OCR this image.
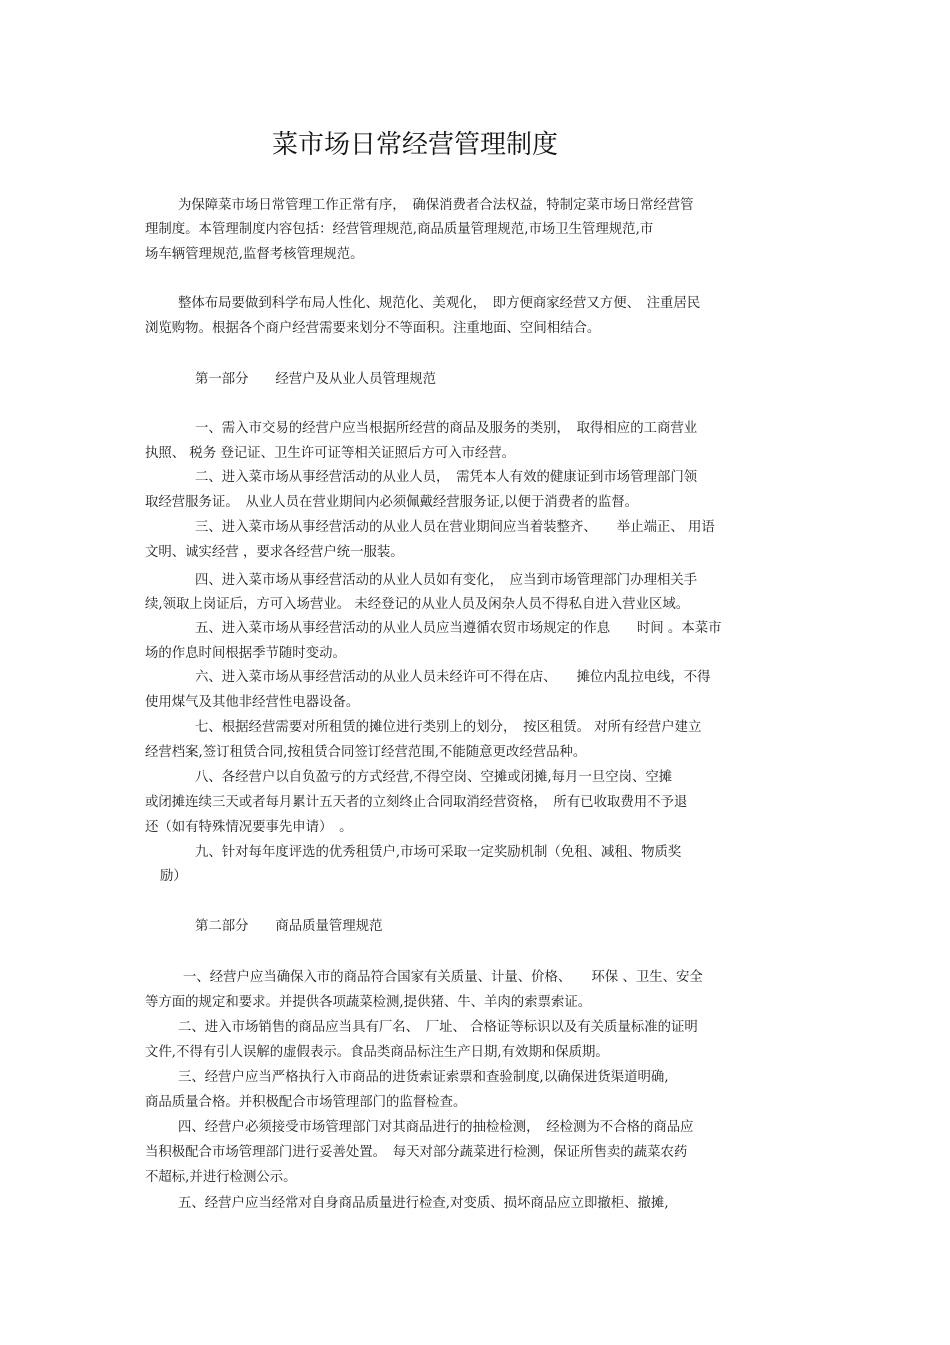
菜市场日常经营管理制度
为保障菜市场日常管理工作正常有序，　确保消费者合法权益，特制定菜市场日常经营管
理制度。本管理制度内容包括：经营管理规范,商品质量管理规范,市场卫生管理规范,市
场车辆管理规范,监督考核管理规范。
整体布局要做到科学布局人性化、规范化、美观化，　即方便商家经营又方便、　注重居民
浏览购物。根据各个商户经营需要来划分不等面积。注重地面、空间相结合。
第一部分　　经营户及从业人员管理规范
一、需入市交易的经营户应当根据所经营的商品及服务的类别，　取得相应的工商营业
执照、 税务 登记证、卫生许可证等相关证照后方可入市经营。
二、进入菜市场从事经营活动的从业人员，　需凭本人有效的健康证到市场管理部门领
取经营服务证。　从业人员在营业期间内必须佩戴经营服务证,以便于消费者的监督。
三、进入菜市场从事经营活动的从业人员在营业期间应当着装整齐、　　举止端正、 用语
文明、诚实经营 ，要求各经营户统一服装。
四、进入菜市场从事经营活动的从业人员如有变化，　应当到市场管理部门办理相关手
续,领取上岗证后，方可入场营业。 未经登记的从业人员及闲杂人员不得私自进入营业区域。
五、进入菜市场从事经营活动的从业人员应当遵循农贸市场规定的作息　　时间 。本菜市
场的作息时间根据季节随时变动。
六、进入菜市场从事经营活动的从业人员未经许可不得在店、　　摊位内乱拉电线，不得
使用煤气及其他非经营性电器设备。
七、根据经营需要对所租赁的摊位进行类别上的划分，　按区租赁。 对所有经营户建立
经营档案,签订租赁合同,按租赁合同签订经营范围,不能随意更改经营品种。
八、各经营户以自负盈亏的方式经营,不得空岗、空摊或闭摊,每月一旦空岗、空摊
或闭摊连续三天或者每月累计五天者的立刻终止合同取消经营资格，　所有已收取费用不予退
还（如有特殊情况要事先申请）　。
九、针对每年度评选的优秀租赁户,市场可采取一定奖励机制（免租、减租、物质奖
励）
第二部分　　商品质量管理规范
一、经营户应当确保入市的商品符合国家有关质量、计量、价格、　　环保 、卫生、安全
等方面的规定和要求。并提供各项蔬菜检测,提供猪、牛、羊肉的索票索证。
二、进入市场销售的商品应当具有厂名、　厂址、 合格证等标识以及有关质量标准的证明
文件,不得有引人误解的虚假表示。食品类商品标注生产日期,有效期和保质期。
三、经营户应当严格执行入市商品的进货索证索票和查验制度,以确保进货渠道明确,
商品质量合格。并积极配合市场管理部门的监督检查。
四、经营户必须接受市场管理部门对其商品进行的抽检检测，　经检测为不合格的商品应
当积极配合市场管理部门进行妥善处置。　每天对部分蔬菜进行检测，保证所售卖的蔬菜农药
不超标,并进行检测公示。
五、经营户应当经常对自身商品质量进行检查,对变质、损坏商品应立即撤柜、撤摊,
